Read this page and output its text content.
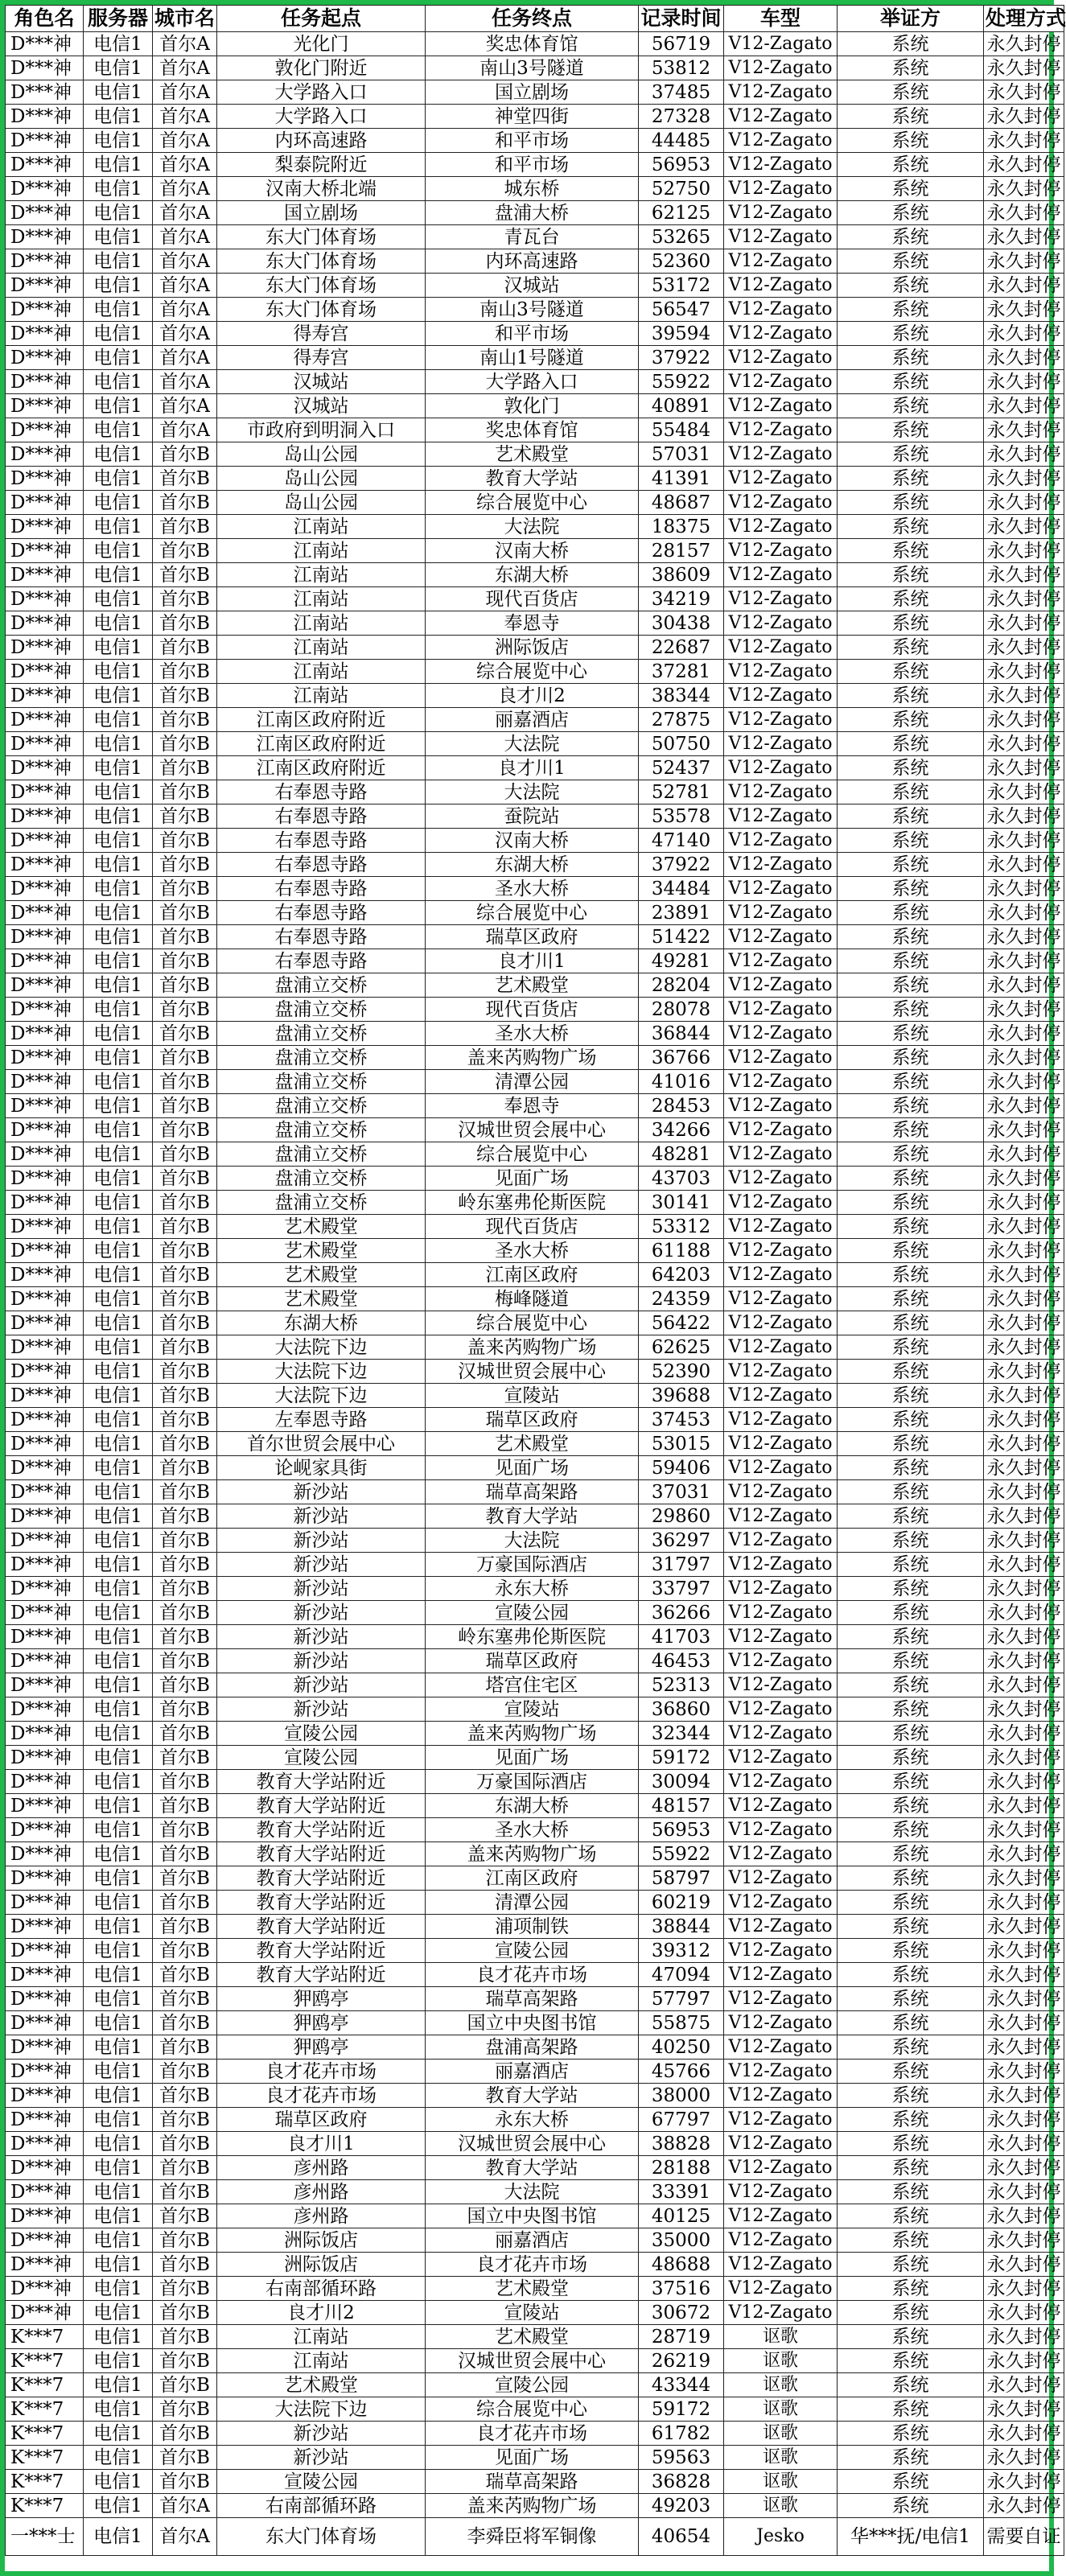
角色名	服务器	城市名	任务起点	任务终点	记录时间	车型	举证方	处理方式
D***神	电信1	首尔A	光化门	奖忠体育馆	56719	V12-Zagato	系统	永久封停
D***神	电信1	首尔A	敦化门附近	南山3号隧道	53812	V12-Zagato	系统	永久封停
D***神	电信1	首尔A	大学路入口	国立剧场	37485	V12-Zagato	系统	永久封停
D***神	电信1	首尔A	大学路入口	神堂四街	27328	V12-Zagato	系统	永久封停
D***神	电信1	首尔A	内环高速路	和平市场	44485	V12-Zagato	系统	永久封停
D***神	电信1	首尔A	梨泰院附近	和平市场	56953	V12-Zagato	系统	永久封停
D***神	电信1	首尔A	汉南大桥北端	城东桥	52750	V12-Zagato	系统	永久封停
D***神	电信1	首尔A	国立剧场	盘浦大桥	62125	V12-Zagato	系统	永久封停
D***神	电信1	首尔A	东大门体育场	青瓦台	53265	V12-Zagato	系统	永久封停
D***神	电信1	首尔A	东大门体育场	内环高速路	52360	V12-Zagato	系统	永久封停
D***神	电信1	首尔A	东大门体育场	汉城站	53172	V12-Zagato	系统	永久封停
D***神	电信1	首尔A	东大门体育场	南山3号隧道	56547	V12-Zagato	系统	永久封停
D***神	电信1	首尔A	得寿宫	和平市场	39594	V12-Zagato	系统	永久封停
D***神	电信1	首尔A	得寿宫	南山1号隧道	37922	V12-Zagato	系统	永久封停
D***神	电信1	首尔A	汉城站	大学路入口	55922	V12-Zagato	系统	永久封停
D***神	电信1	首尔A	汉城站	敦化门	40891	V12-Zagato	系统	永久封停
D***神	电信1	首尔A	市政府到明洞入口	奖忠体育馆	55484	V12-Zagato	系统	永久封停
D***神	电信1	首尔B	岛山公园	艺术殿堂	57031	V12-Zagato	系统	永久封停
D***神	电信1	首尔B	岛山公园	教育大学站	41391	V12-Zagato	系统	永久封停
D***神	电信1	首尔B	岛山公园	综合展览中心	48687	V12-Zagato	系统	永久封停
D***神	电信1	首尔B	江南站	大法院	18375	V12-Zagato	系统	永久封停
D***神	电信1	首尔B	江南站	汉南大桥	28157	V12-Zagato	系统	永久封停
D***神	电信1	首尔B	江南站	东湖大桥	38609	V12-Zagato	系统	永久封停
D***神	电信1	首尔B	江南站	现代百货店	34219	V12-Zagato	系统	永久封停
D***神	电信1	首尔B	江南站	奉恩寺	30438	V12-Zagato	系统	永久封停
D***神	电信1	首尔B	江南站	洲际饭店	22687	V12-Zagato	系统	永久封停
D***神	电信1	首尔B	江南站	综合展览中心	37281	V12-Zagato	系统	永久封停
D***神	电信1	首尔B	江南站	良才川2	38344	V12-Zagato	系统	永久封停
D***神	电信1	首尔B	江南区政府附近	丽嘉酒店	27875	V12-Zagato	系统	永久封停
D***神	电信1	首尔B	江南区政府附近	大法院	50750	V12-Zagato	系统	永久封停
D***神	电信1	首尔B	江南区政府附近	良才川1	52437	V12-Zagato	系统	永久封停
D***神	电信1	首尔B	右奉恩寺路	大法院	52781	V12-Zagato	系统	永久封停
D***神	电信1	首尔B	右奉恩寺路	蚕院站	53578	V12-Zagato	系统	永久封停
D***神	电信1	首尔B	右奉恩寺路	汉南大桥	47140	V12-Zagato	系统	永久封停
D***神	电信1	首尔B	右奉恩寺路	东湖大桥	37922	V12-Zagato	系统	永久封停
D***神	电信1	首尔B	右奉恩寺路	圣水大桥	34484	V12-Zagato	系统	永久封停
D***神	电信1	首尔B	右奉恩寺路	综合展览中心	23891	V12-Zagato	系统	永久封停
D***神	电信1	首尔B	右奉恩寺路	瑞草区政府	51422	V12-Zagato	系统	永久封停
D***神	电信1	首尔B	右奉恩寺路	良才川1	49281	V12-Zagato	系统	永久封停
D***神	电信1	首尔B	盘浦立交桥	艺术殿堂	28204	V12-Zagato	系统	永久封停
D***神	电信1	首尔B	盘浦立交桥	现代百货店	28078	V12-Zagato	系统	永久封停
D***神	电信1	首尔B	盘浦立交桥	圣水大桥	36844	V12-Zagato	系统	永久封停
D***神	电信1	首尔B	盘浦立交桥	盖来芮购物广场	36766	V12-Zagato	系统	永久封停
D***神	电信1	首尔B	盘浦立交桥	清潭公园	41016	V12-Zagato	系统	永久封停
D***神	电信1	首尔B	盘浦立交桥	奉恩寺	28453	V12-Zagato	系统	永久封停
D***神	电信1	首尔B	盘浦立交桥	汉城世贸会展中心	34266	V12-Zagato	系统	永久封停
D***神	电信1	首尔B	盘浦立交桥	综合展览中心	48281	V12-Zagato	系统	永久封停
D***神	电信1	首尔B	盘浦立交桥	见面广场	43703	V12-Zagato	系统	永久封停
D***神	电信1	首尔B	盘浦立交桥	岭东塞弗伦斯医院	30141	V12-Zagato	系统	永久封停
D***神	电信1	首尔B	艺术殿堂	现代百货店	53312	V12-Zagato	系统	永久封停
D***神	电信1	首尔B	艺术殿堂	圣水大桥	61188	V12-Zagato	系统	永久封停
D***神	电信1	首尔B	艺术殿堂	江南区政府	64203	V12-Zagato	系统	永久封停
D***神	电信1	首尔B	艺术殿堂	梅峰隧道	24359	V12-Zagato	系统	永久封停
D***神	电信1	首尔B	东湖大桥	综合展览中心	56422	V12-Zagato	系统	永久封停
D***神	电信1	首尔B	大法院下边	盖来芮购物广场	62625	V12-Zagato	系统	永久封停
D***神	电信1	首尔B	大法院下边	汉城世贸会展中心	52390	V12-Zagato	系统	永久封停
D***神	电信1	首尔B	大法院下边	宣陵站	39688	V12-Zagato	系统	永久封停
D***神	电信1	首尔B	左奉恩寺路	瑞草区政府	37453	V12-Zagato	系统	永久封停
D***神	电信1	首尔B	首尔世贸会展中心	艺术殿堂	53015	V12-Zagato	系统	永久封停
D***神	电信1	首尔B	论岘家具街	见面广场	59406	V12-Zagato	系统	永久封停
D***神	电信1	首尔B	新沙站	瑞草高架路	37031	V12-Zagato	系统	永久封停
D***神	电信1	首尔B	新沙站	教育大学站	29860	V12-Zagato	系统	永久封停
D***神	电信1	首尔B	新沙站	大法院	36297	V12-Zagato	系统	永久封停
D***神	电信1	首尔B	新沙站	万豪国际酒店	31797	V12-Zagato	系统	永久封停
D***神	电信1	首尔B	新沙站	永东大桥	33797	V12-Zagato	系统	永久封停
D***神	电信1	首尔B	新沙站	宣陵公园	36266	V12-Zagato	系统	永久封停
D***神	电信1	首尔B	新沙站	岭东塞弗伦斯医院	41703	V12-Zagato	系统	永久封停
D***神	电信1	首尔B	新沙站	瑞草区政府	46453	V12-Zagato	系统	永久封停
D***神	电信1	首尔B	新沙站	塔宫住宅区	52313	V12-Zagato	系统	永久封停
D***神	电信1	首尔B	新沙站	宣陵站	36860	V12-Zagato	系统	永久封停
D***神	电信1	首尔B	宣陵公园	盖来芮购物广场	32344	V12-Zagato	系统	永久封停
D***神	电信1	首尔B	宣陵公园	见面广场	59172	V12-Zagato	系统	永久封停
D***神	电信1	首尔B	教育大学站附近	万豪国际酒店	30094	V12-Zagato	系统	永久封停
D***神	电信1	首尔B	教育大学站附近	东湖大桥	48157	V12-Zagato	系统	永久封停
D***神	电信1	首尔B	教育大学站附近	圣水大桥	56953	V12-Zagato	系统	永久封停
D***神	电信1	首尔B	教育大学站附近	盖来芮购物广场	55922	V12-Zagato	系统	永久封停
D***神	电信1	首尔B	教育大学站附近	江南区政府	58797	V12-Zagato	系统	永久封停
D***神	电信1	首尔B	教育大学站附近	清潭公园	60219	V12-Zagato	系统	永久封停
D***神	电信1	首尔B	教育大学站附近	浦项制铁	38844	V12-Zagato	系统	永久封停
D***神	电信1	首尔B	教育大学站附近	宣陵公园	39312	V12-Zagato	系统	永久封停
D***神	电信1	首尔B	教育大学站附近	良才花卉市场	47094	V12-Zagato	系统	永久封停
D***神	电信1	首尔B	狎鸥亭	瑞草高架路	57797	V12-Zagato	系统	永久封停
D***神	电信1	首尔B	狎鸥亭	国立中央图书馆	55875	V12-Zagato	系统	永久封停
D***神	电信1	首尔B	狎鸥亭	盘浦高架路	40250	V12-Zagato	系统	永久封停
D***神	电信1	首尔B	良才花卉市场	丽嘉酒店	45766	V12-Zagato	系统	永久封停
D***神	电信1	首尔B	良才花卉市场	教育大学站	38000	V12-Zagato	系统	永久封停
D***神	电信1	首尔B	瑞草区政府	永东大桥	67797	V12-Zagato	系统	永久封停
D***神	电信1	首尔B	良才川1	汉城世贸会展中心	38828	V12-Zagato	系统	永久封停
D***神	电信1	首尔B	彦州路	教育大学站	28188	V12-Zagato	系统	永久封停
D***神	电信1	首尔B	彦州路	大法院	33391	V12-Zagato	系统	永久封停
D***神	电信1	首尔B	彦州路	国立中央图书馆	40125	V12-Zagato	系统	永久封停
D***神	电信1	首尔B	洲际饭店	丽嘉酒店	35000	V12-Zagato	系统	永久封停
D***神	电信1	首尔B	洲际饭店	良才花卉市场	48688	V12-Zagato	系统	永久封停
D***神	电信1	首尔B	右南部循环路	艺术殿堂	37516	V12-Zagato	系统	永久封停
D***神	电信1	首尔B	良才川2	宣陵站	30672	V12-Zagato	系统	永久封停
K***7	电信1	首尔B	江南站	艺术殿堂	28719	讴歌	系统	永久封停
K***7	电信1	首尔B	江南站	汉城世贸会展中心	26219	讴歌	系统	永久封停
K***7	电信1	首尔B	艺术殿堂	宣陵公园	43344	讴歌	系统	永久封停
K***7	电信1	首尔B	大法院下边	综合展览中心	59172	讴歌	系统	永久封停
K***7	电信1	首尔B	新沙站	良才花卉市场	61782	讴歌	系统	永久封停
K***7	电信1	首尔B	新沙站	见面广场	59563	讴歌	系统	永久封停
K***7	电信1	首尔B	宣陵公园	瑞草高架路	36828	讴歌	系统	永久封停
K***7	电信1	首尔A	右南部循环路	盖来芮购物广场	49203	讴歌	系统	永久封停
一***士	电信1	首尔A	东大门体育场	李舜臣将军铜像	40654	Jesko	华***抚/电信1	需要自证
